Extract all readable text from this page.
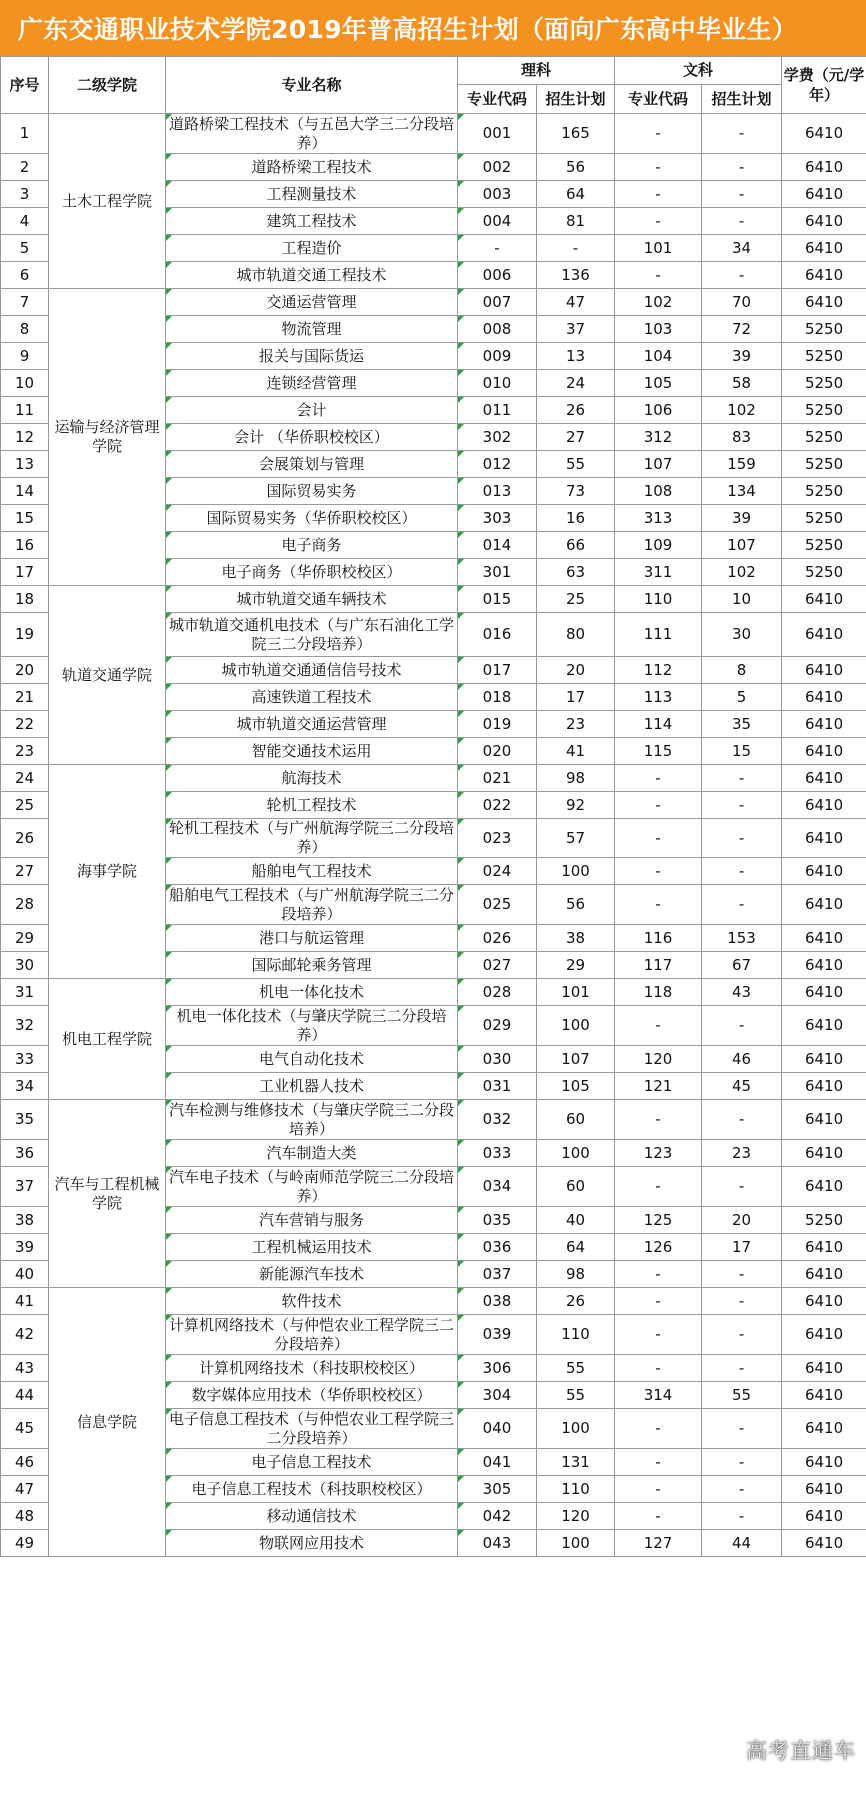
广东交通职业技术学院2019年普高招生计划（面向广东高中毕业生）
序号	二级学院	专业名称	理科		文科		学费（元/学年）
			专业代码	招生计划	专业代码	招生计划	
1	土木工程学院	道路桥梁工程技术（与五邑大学三二分段培养）	001	165	-	-	6410
2		道路桥梁工程技术	002	56	-	-	6410
3		工程测量技术	003	64	-	-	6410
4		建筑工程技术	004	81	-	-	6410
5		工程造价	-	-	101	34	6410
6		城市轨道交通工程技术	006	136	-	-	6410
7	运输与经济管理学院	交通运营管理	007	47	102	70	6410
8		物流管理	008	37	103	72	5250
9		报关与国际货运	009	13	104	39	5250
10		连锁经营管理	010	24	105	58	5250
11		会计	011	26	106	102	5250
12		会计 （华侨职校校区）	302	27	312	83	5250
13		会展策划与管理	012	55	107	159	5250
14		国际贸易实务	013	73	108	134	5250
15		国际贸易实务（华侨职校校区）	303	16	313	39	5250
16		电子商务	014	66	109	107	5250
17		电子商务（华侨职校校区）	301	63	311	102	5250
18	轨道交通学院	城市轨道交通车辆技术	015	25	110	10	6410
19		城市轨道交通机电技术（与广东石油化工学院三二分段培养）	016	80	111	30	6410
20		城市轨道交通通信信号技术	017	20	112	8	6410
21		高速铁道工程技术	018	17	113	5	6410
22		城市轨道交通运营管理	019	23	114	35	6410
23		智能交通技术运用	020	41	115	15	6410
24	海事学院	航海技术	021	98	-	-	6410
25		轮机工程技术	022	92	-	-	6410
26		轮机工程技术（与广州航海学院三二分段培养）	023	57	-	-	6410
27		船舶电气工程技术	024	100	-	-	6410
28		船舶电气工程技术（与广州航海学院三二分段培养）	025	56	-	-	6410
29		港口与航运管理	026	38	116	153	6410
30		国际邮轮乘务管理	027	29	117	67	6410
31	机电工程学院	机电一体化技术	028	101	118	43	6410
32		机电一体化技术（与肇庆学院三二分段培养）	029	100	-	-	6410
33		电气自动化技术	030	107	120	46	6410
34		工业机器人技术	031	105	121	45	6410
35	汽车与工程机械学院	汽车检测与维修技术（与肇庆学院三二分段培养）	032	60	-	-	6410
36		汽车制造大类	033	100	123	23	6410
37		汽车电子技术（与岭南师范学院三二分段培养）	034	60	-	-	6410
38		汽车营销与服务	035	40	125	20	5250
39		工程机械运用技术	036	64	126	17	6410
40		新能源汽车技术	037	98	-	-	6410
41	信息学院	软件技术	038	26	-	-	6410
42		计算机网络技术（与仲恺农业工程学院三二分段培养）	039	110	-	-	6410
43		计算机网络技术（科技职校校区）	306	55	-	-	6410
44		数字媒体应用技术（华侨职校校区）	304	55	314	55	6410
45		电子信息工程技术（与仲恺农业工程学院三二分段培养）	040	100	-	-	6410
46		电子信息工程技术	041	131	-	-	6410
47		电子信息工程技术（科技职校校区）	305	110	-	-	6410
48		移动通信技术	042	120	-	-	6410
49		物联网应用技术	043	100	127	44	6410
高考直通车
